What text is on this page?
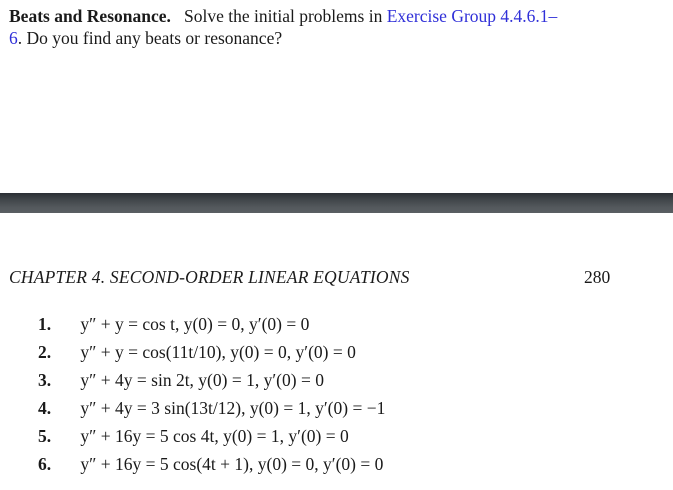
Beats and Resonance. Solve the initial problems in Exercise Group 4.4.6.1–
6. Do you find any beats or resonance?
CHAPTER 4. SECOND-ORDER LINEAR EQUATIONS	280
1. y″ + y = cos t, y(0) = 0, y′(0) = 0
2. y″ + y = cos(11t/10), y(0) = 0, y′(0) = 0
3. y″ + 4y = sin 2t, y(0) = 1, y′(0) = 0
4. y″ + 4y = 3 sin(13t/12), y(0) = 1, y′(0) = −1
5. y″ + 16y = 5 cos 4t, y(0) = 1, y′(0) = 0
6. y″ + 16y = 5 cos(4t + 1), y(0) = 0, y′(0) = 0
